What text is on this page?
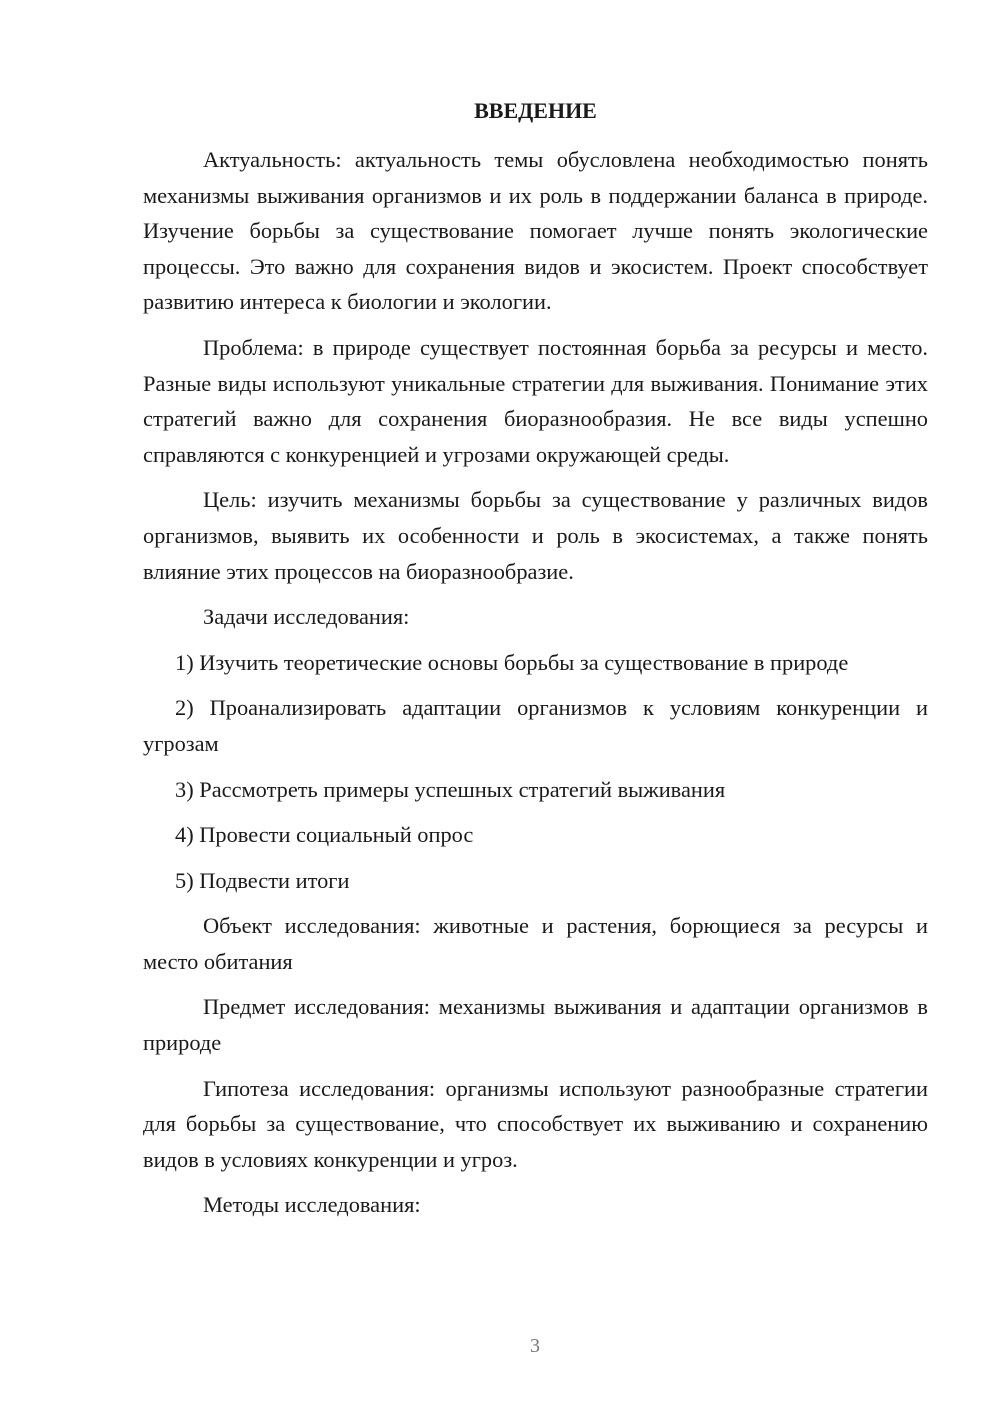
ВВЕДЕНИЕ

Актуальность: актуальность темы обусловлена необходимостью понять механизмы выживания организмов и их роль в поддержании баланса в природе. Изучение борьбы за существование помогает лучше понять экологические процессы. Это важно для сохранения видов и экосистем. Проект способствует развитию интереса к биологии и экологии.

Проблема: в природе существует постоянная борьба за ресурсы и место. Разные виды используют уникальные стратегии для выживания. Понимание этих стратегий важно для сохранения биоразнообразия. Не все виды успешно справляются с конкуренцией и угрозами окружающей среды.

Цель: изучить механизмы борьбы за существование у различных видов организмов, выявить их особенности и роль в экосистемах, а также понять влияние этих процессов на биоразнообразие.

Задачи исследования:

1) Изучить теоретические основы борьбы за существование в природе

2) Проанализировать адаптации организмов к условиям конкуренции и угрозам

3) Рассмотреть примеры успешных стратегий выживания

4) Провести социальный опрос

5) Подвести итоги

Объект исследования: животные и растения, борющиеся за ресурсы и место обитания

Предмет исследования: механизмы выживания и адаптации организмов в природе

Гипотеза исследования: организмы используют разнообразные стратегии для борьбы за существование, что способствует их выживанию и сохранению видов в условиях конкуренции и угроз.

Методы исследования:

3
